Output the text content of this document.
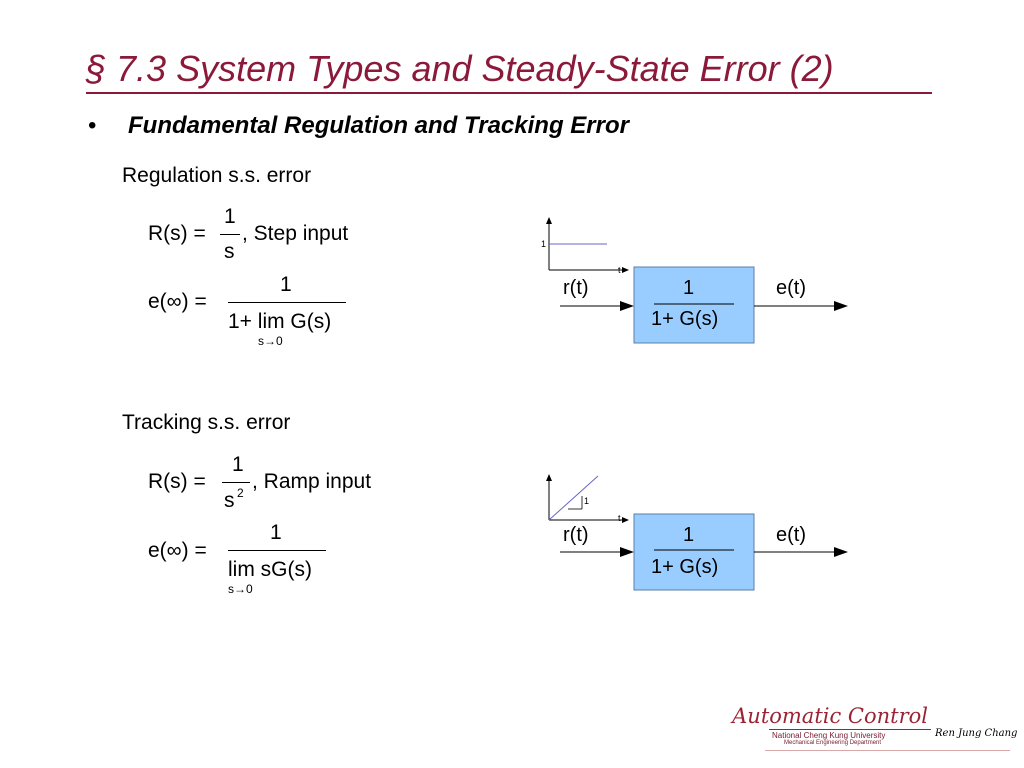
§ 7.3 System Types and Steady-State Error (2)
• Fundamental Regulation and Tracking Error
Regulation s.s. error
R(s) =
1
s
, Step input
e(∞) =
1
1+ lim G(s)
s→0
1
t
r(t)	1
1+ G(s)
e(t)
Tracking s.s. error
R(s) =
1
s 2 , Ramp input
e(∞) =
1
lim sG(s)
s→0
1
t
r(t)	1
1+ G(s)
e(t)
Automatic Control
National Cheng Kung University
Mechanical Engineering Department
Ren Jung Chang
